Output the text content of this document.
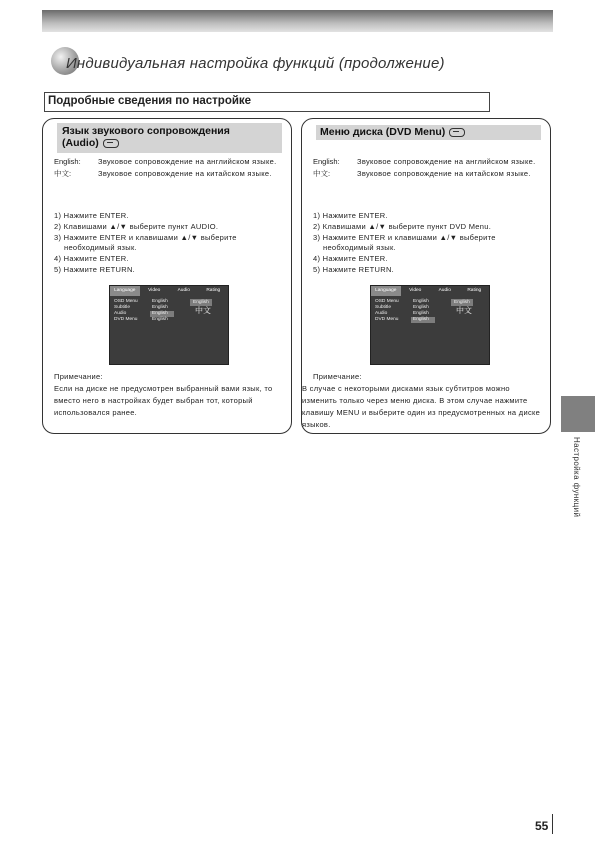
Индивидуальная настройка функций (продолжение)
Подробные сведения по настройке
Язык звукового сопровождения
(Audio)
English:	Звуковое сопровождение на английском языке.
中文:	Звуковое сопровождение на китайском языке.
1) Нажмите ENTER.
2) Клавишами ▲/▼ выберите пункт AUDIO.
3) Нажмите ENTER и клавишами ▲/▼ выберите
необходимый язык.
4) Нажмите ENTER.
5) Нажмите RETURN.
Language	Video	Audio	Rating
OSD Menu	English
Subtitle	English
Audio	English
DVD Menu	English
English
中文
Примечание:
Если на диске не предусмотрен выбранный вами язык, то вместо него в настройках будет выбран тот, который использовался ранее.
Меню диска (DVD Menu)
English:	Звуковое сопровождение на английском языке.
中文:	Звуковое сопровождение на китайском языке.
1) Нажмите ENTER.
2) Клавишами ▲/▼ выберите пункт DVD Menu.
3) Нажмите ENTER и клавишами ▲/▼ выберите
необходимый язык.
4) Нажмите ENTER.
5) Нажмите RETURN.
Language	Video	Audio	Rating
OSD Menu	English
Subtitle	English
Audio	English
DVD Menu	English
English
中文
Примечание:
В случае с некоторыми дисками язык субтитров можно изменить только через меню диска. В этом случае нажмите клавишу MENU и выберите один из предусмотренных на диске языков.
Настройка функций
55
